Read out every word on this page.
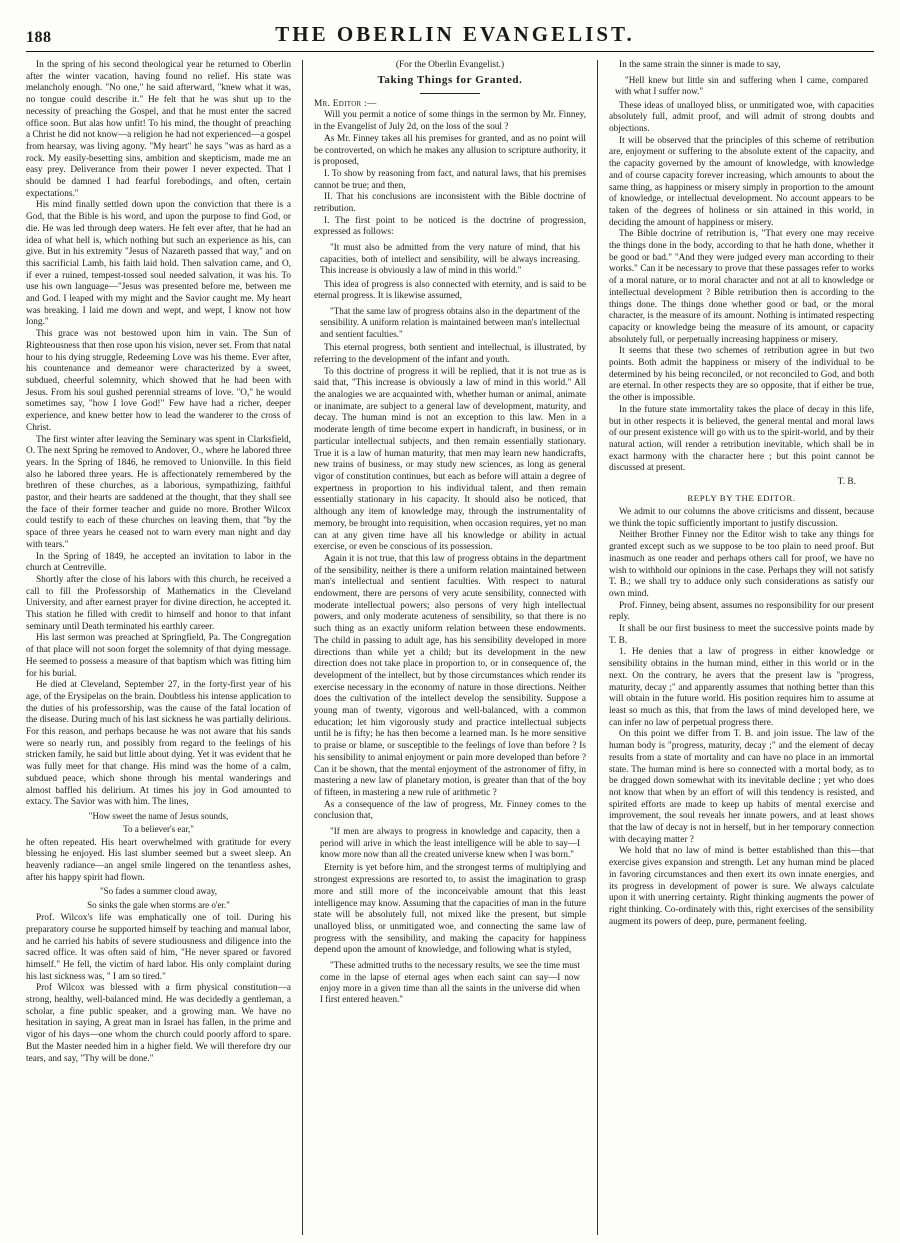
188	THE OBERLIN EVANGELIST.

In the spring of his second theological year he returned to Oberlin after the winter vacation, having found no relief. His state was melancholy enough. "No one," he said afterward, "knew what it was, no tongue could describe it." He felt that he was shut up to the necessity of preaching the Gospel, and that he must enter the sacred office soon. But alas how unfit! To his mind, the thought of preaching a Christ he did not know—a religion he had not experienced—a gospel from hearsay, was living agony. "My heart" he says "was as hard as a rock. My easily-besetting sins, ambition and skepticism, made me an easy prey. Deliverance from their power I never expected. That I should be damned I had fearful forebodings, and often, certain expectations."

His mind finally settled down upon the conviction that there is a God, that the Bible is his word, and upon the purpose to find God, or die. He was led through deep waters. He felt ever after, that he had an idea of what hell is, which nothing but such an experience as his, can give. But in his extremity "Jesus of Nazareth passed that way," and on this sacrificial Lamb, his faith laid hold. Then salvation came, and O, if ever a ruined, tempest-tossed soul needed salvation, it was his. To use his own language—"Jesus was presented before me, between me and God. I leaped with my might and the Savior caught me. My heart was breaking. I laid me down and wept, and wept, I know not how long."

This grace was not bestowed upon him in vain. The Sun of Righteousness that then rose upon his vision, never set. From that natal hour to his dying struggle, Redeeming Love was his theme. Ever after, his countenance and demeanor were characterized by a sweet, subdued, cheerful solemnity, which showed that he had been with Jesus. From his soul gushed perennial streams of love. "O," he would sometimes say, "how I love God!" Few have had a richer, deeper experience, and knew better how to lead the wanderer to the cross of Christ.

The first winter after leaving the Seminary was spent in Clarksfield, O. The next Spring he removed to Andover, O., where he labored three years. In the Spring of 1846, he removed to Unionville. In this field also he labored three years. He is affectionately remembered by the brethren of these churches, as a laborious, sympathizing, faithful pastor, and their hearts are saddened at the thought, that they shall see the face of their former teacher and guide no more. Brother Wilcox could testify to each of these churches on leaving them, that "by the space of three years he ceased not to warn every man night and day with tears."

In the Spring of 1849, he accepted an invitation to labor in the church at Centreville.

Shortly after the close of his labors with this church, he received a call to fill the Professorship of Mathematics in the Cleveland University, and after earnest prayer for divine direction, he accepted it. This station he filled with credit to himself and honor to that infant seminary until Death terminated his earthly career.

His last sermon was preached at Springfield, Pa. The Congregation of that place will not soon forget the solemnity of that dying message. He seemed to possess a measure of that baptism which was fitting him for his burial.

He died at Cleveland, September 27, in the forty-first year of his age, of the Erysipelas on the brain. Doubtless his intense application to the duties of his professorship, was the cause of the fatal location of the disease. During much of his last sickness he was partially delirious. For this reason, and perhaps because he was not aware that his sands were so nearly run, and possibly from regard to the feelings of his stricken family, he said but little about dying. Yet it was evident that he was fully meet for that change. His mind was the home of a calm, subdued peace, which shone through his mental wanderings and almost baffled his delirium. At times his joy in God amounted to extacy. The Savior was with him. The lines,

"How sweet the name of Jesus sounds,

To a believer's ear,"

he often repeated. His heart overwhelmed with gratitude for every blessing he enjoyed. His last slumber seemed but a sweet sleep. An heavenly radiance—an angel smile lingered on the tenantless ashes, after his happy spirit had flown.

"So fades a summer cloud away,

So sinks the gale when storms are o'er."

Prof. Wilcox's life was emphatically one of toil. During his preparatory course he supported himself by teaching and manual labor, and he carried his habits of severe studiousness and diligence into the sacred office. It was often said of him, "He never spared or favored himself." He fell, the victim of hard labor. His only complaint during his last sickness was, " I am so tired."

Prof Wilcox was blessed with a firm physical constitution—a strong, healthy, well-balanced mind. He was decidedly a gentleman, a scholar, a fine public speaker, and a growing man. We have no hesitation in saying, A great man in Israel has fallen, in the prime and vigor of his days—one whom the church could poorly afford to spare. But the Master needed him in a higher field. We will therefore dry our tears, and say, "Thy will be done."

(For the Oberlin Evangelist.)

Taking Things for Granted.

Mr. Editor :—

Will you permit a notice of some things in the sermon by Mr. Finney, in the Evangelist of July 2d, on the loss of the soul ?

As Mr. Finney takes all his premises for granted, and as no point will be controverted, on which he makes any allusion to scripture authority, it is proposed,

I. To show by reasoning from fact, and natural laws, that his premises cannot be true; and then,

II. That his conclusions are inconsistent with the Bible doctrine of retribution.

I. The first point to be noticed is the doctrine of progression, expressed as follows:

"It must also be admitted from the very nature of mind, that his capacities, both of intellect and sensibility, will be always increasing. This increase is obviously a law of mind in this world."

This idea of progress is also connected with eternity, and is said to be eternal progress. It is likewise assumed,

"That the same law of progress obtains also in the department of the sensibility. A uniform relation is maintained between man's intellectual and sentient faculties."

This eternal progress, both sentient and intellectual, is illustrated, by referring to the development of the infant and youth.

To this doctrine of progress it will be replied, that it is not true as is said that, "This increase is obviously a law of mind in this world." All the analogies we are acquainted with, whether human or animal, animate or inanimate, are subject to a general law of development, maturity, and decay. The human mind is not an exception to this law. Men in a moderate length of time become expert in handicraft, in business, or in particular intellectual subjects, and then remain essentially stationary. True it is a law of human maturity, that men may learn new handicrafts, new trains of business, or may study new sciences, as long as general vigor of constitution continues, but each as before will attain a degree of expertness in proportion to his individual talent, and then remain essentially stationary in his capacity. It should also be noticed, that although any item of knowledge may, through the instrumentality of memory, be brought into requisition, when occasion requires, yet no man can at any given time have all his knowledge or ability in actual exercise, or even be conscious of its possession.

Again it is not true, that this law of progress obtains in the department of the sensibility, neither is there a uniform relation maintained between man's intellectual and sentient faculties. With respect to natural endowment, there are persons of very acute sensibility, connected with moderate intellectual powers; also persons of very high intellectual powers, and only moderate acuteness of sensibility, so that there is no such thing as an exactly uniform relation between these endowments. The child in passing to adult age, has his sensibility developed in more directions than while yet a child; but its development in the new direction does not take place in proportion to, or in consequence of, the development of the intellect, but by those circumstances which render its exercise necessary in the economy of nature in those directions. Neither does the cultivation of the intellect develop the sensibility. Suppose a young man of twenty, vigorous and well-balanced, with a common education; let him vigorously study and practice intellectual subjects until he is fifty; he has then become a learned man. Is he more sensitive to praise or blame, or susceptible to the feelings of love than before ? Is his sensibility to animal enjoyment or pain more developed than before ? Can it be shown, that the mental enjoyment of the astronomer of fifty, in mastering a new law of planetary motion, is greater than that of the boy of fifteen, in mastering a new rule of arithmetic ?

As a consequence of the law of progress, Mr. Finney comes to the conclusion that,

"If men are always to progress in knowledge and capacity, then a period will arive in which the least intelligence will be able to say—I know more now than all the created universe knew when I was born."

Eternity is yet before him, and the strongest terms of multiplying and strongest expressions are resorted to, to assist the imagination to grasp more and still more of the inconceivable amount that this least intelligence may know. Assuming that the capacities of man in the future state will be absolutely full, not mixed like the present, but simple unalloyed bliss, or unmitigated woe, and connecting the same law of progress with the sensibility, and making the capacity for happiness depend upon the amount of knowledge, and following what is styled,

"These admitted truths to the necessary results, we see the time must come in the lapse of eternal ages when each saint can say—I now enjoy more in a given time than all the saints in the universe did when I first entered heaven."

In the same strain the sinner is made to say,

"Hell knew but little sin and suffering when I came, compared with what I suffer now."

These ideas of unalloyed bliss, or unmitigated woe, with capacities absolutely full, admit proof, and will admit of strong doubts and objections.

It will be observed that the principles of this scheme of retribution are, enjoyment or suffering to the absolute extent of the capacity, and the capacity governed by the amount of knowledge, with knowledge and of course capacity forever increasing, which amounts to about the same thing, as happiness or misery simply in proportion to the amount of knowledge, or intellectual development. No account appears to be taken of the degrees of holiness or sin attained in this world, in deciding the amount of happiness or misery.

The Bible doctrine of retribution is, "That every one may receive the things done in the body, according to that he hath done, whether it be good or bad." "And they were judged every man according to their works." Can it be necessary to prove that these passages refer to works of a moral nature, or to moral character and not at all to knowledge or intellectual development ? Bible retribution then is according to the things done. The things done whether good or bad, or the moral character, is the measure of its amount. Nothing is intimated respecting capacity or knowledge being the measure of its amount, or capacity absolutely full, or perpetually increasing happiness or misery.

It seems that these two schemes of retribution agree in but two points. Both admit the happiness or misery of the individual to be determined by his being reconciled, or not reconciled to God, and both are eternal. In other respects they are so opposite, that if either be true, the other is impossible.

In the future state immortality takes the place of decay in this life, but in other respects it is believed, the general mental and moral laws of our present existence will go with us to the spirit-world, and by their natural action, will render a retribution inevitable, which shall be in exact harmony with the character here ; but this point cannot be discussed at present.

T. B.

REPLY BY THE EDITOR.

We admit to our columns the above criticisms and dissent, because we think the topic sufficiently important to justify discussion.

Neither Brother Finney nor the Editor wish to take any things for granted except such as we suppose to be too plain to need proof. But inasmuch as one reader and perhaps others call for proof, we have no wish to withhold our opinions in the case. Perhaps they will not satisfy T. B.; we shall try to adduce only such considerations as satisfy our own mind.

Prof. Finney, being absent, assumes no responsibility for our present reply.

It shall be our first business to meet the successive points made by T. B.

1. He denies that a law of progress in either knowledge or sensibility obtains in the human mind, either in this world or in the next. On the contrary, he avers that the present law is "progress, maturity, decay ;" and apparently assumes that nothing better than this will obtain in the future world. His position requires him to assume at least so much as this, that from the laws of mind developed here, we can infer no law of perpetual progress there.

On this point we differ from T. B. and join issue. The law of the human body is "progress, maturity, decay ;" and the element of decay results from a state of mortality and can have no place in an immortal state. The human mind is here so connected with a mortal body, as to be dragged down somewhat with its inevitable decline ; yet who does not know that when by an effort of will this tendency is resisted, and spirited efforts are made to keep up habits of mental exercise and improvement, the soul reveals her innate powers, and at least shows that the law of decay is not in herself, but in her temporary connection with decaying matter ?

We hold that no law of mind is better established than this—that exercise gives expansion and strength. Let any human mind be placed in favoring circumstances and then exert its own innate energies, and its progress in development of power is sure. We always calculate upon it with unerring certainty. Right thinking augments the power of right thinking. Co-ordinately with this, right exercises of the sensibility augment its powers of deep, pure, permanent feeling.
